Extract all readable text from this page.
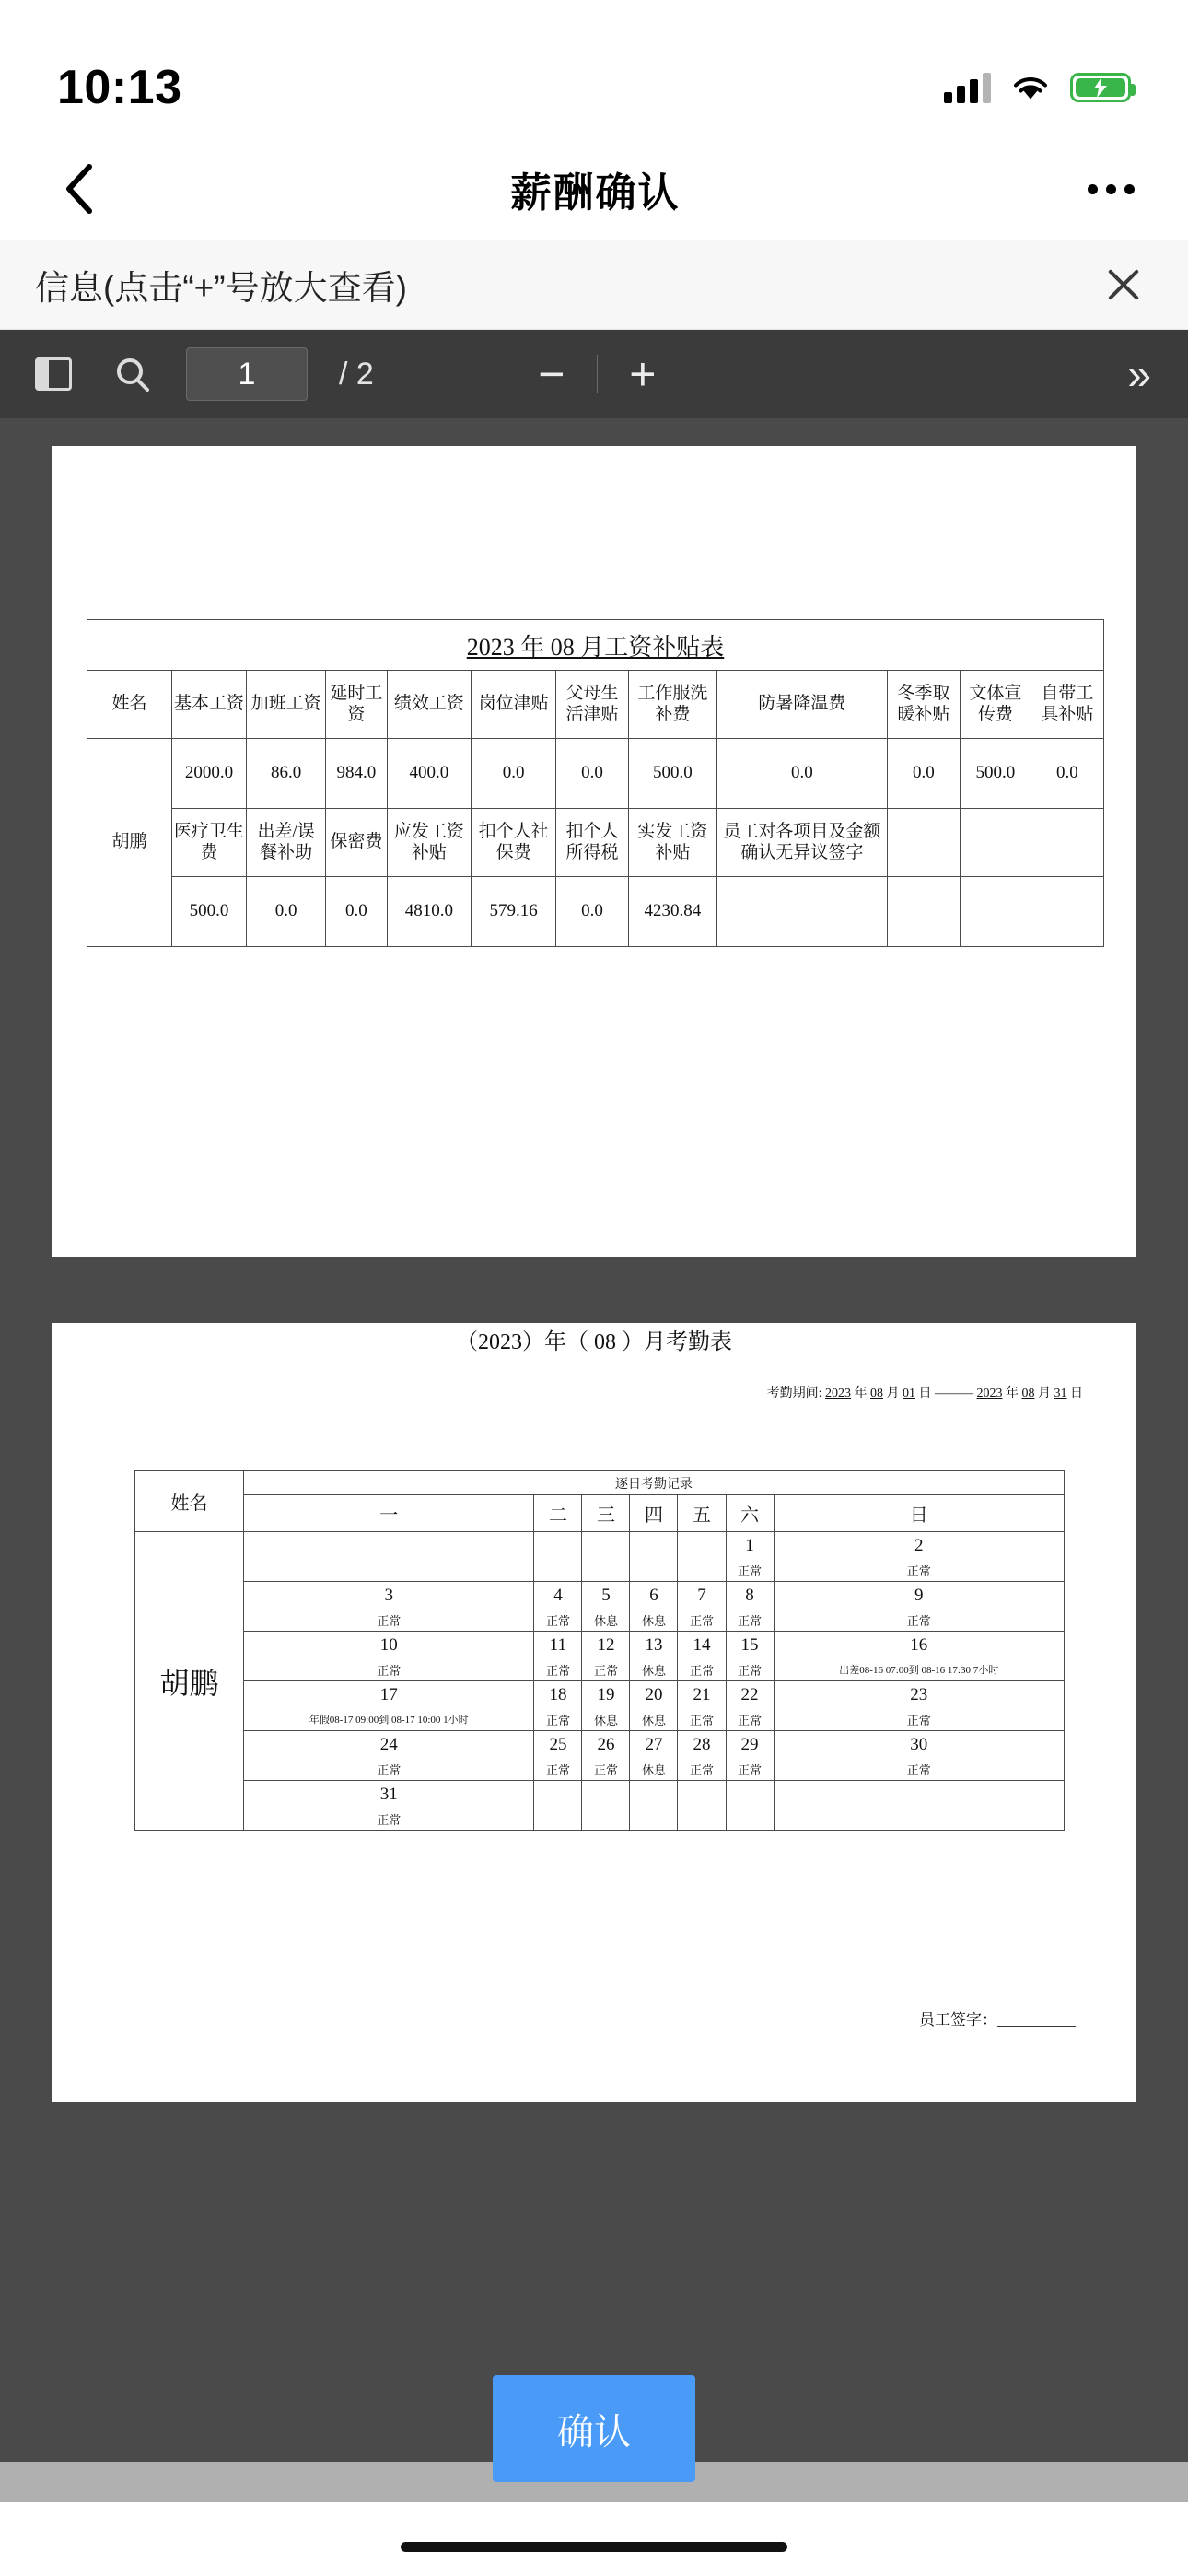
10:13
薪酬确认
信息(点击“+”号放大查看)
1	/ 2	− +	»
2023 年 08 月工资补贴表
姓名	基本工资	加班工资	延时工资	绩效工资	岗位津贴	父母生活津贴	工作服洗补费	防暑降温费	冬季取暖补贴	文体宣传费	自带工具补贴
胡鹏	2000.0	86.0	984.0	400.0	0.0	0.0	500.0	0.0	0.0	500.0	0.0
	医疗卫生费	出差/误餐补助	保密费	应发工资补贴	扣个人社保费	扣个人所得税	实发工资补贴	员工对各项目及金额确认无异议签字			
	500.0	0.0	0.0	4810.0	579.16	0.0	4230.84				
（2023）年（ 08 ）月考勤表
考勤期间: 2023 年 08 月 01 日 ——— 2023 年 08 月 31 日
姓名	逐日考勤记录						
	一	二	三	四	五	六	日
胡鹏						1	2
						正常	正常
	3	4	5	6	7	8	9
	正常	正常	休息	休息	正常	正常	正常
	10	11	12	13	14	15	16
	正常	正常	正常	休息	正常	正常	出差08-16 07:00到 08-16 17:30 7小时
	17	18	19	20	21	22	23
	年假08-17 09:00到 08-17 10:00 1小时	正常	休息	休息	正常	正常	正常
	24	25	26	27	28	29	30
	正常	正常	正常	休息	正常	正常	正常
	31						
	正常						
员工签字：__________
确认
